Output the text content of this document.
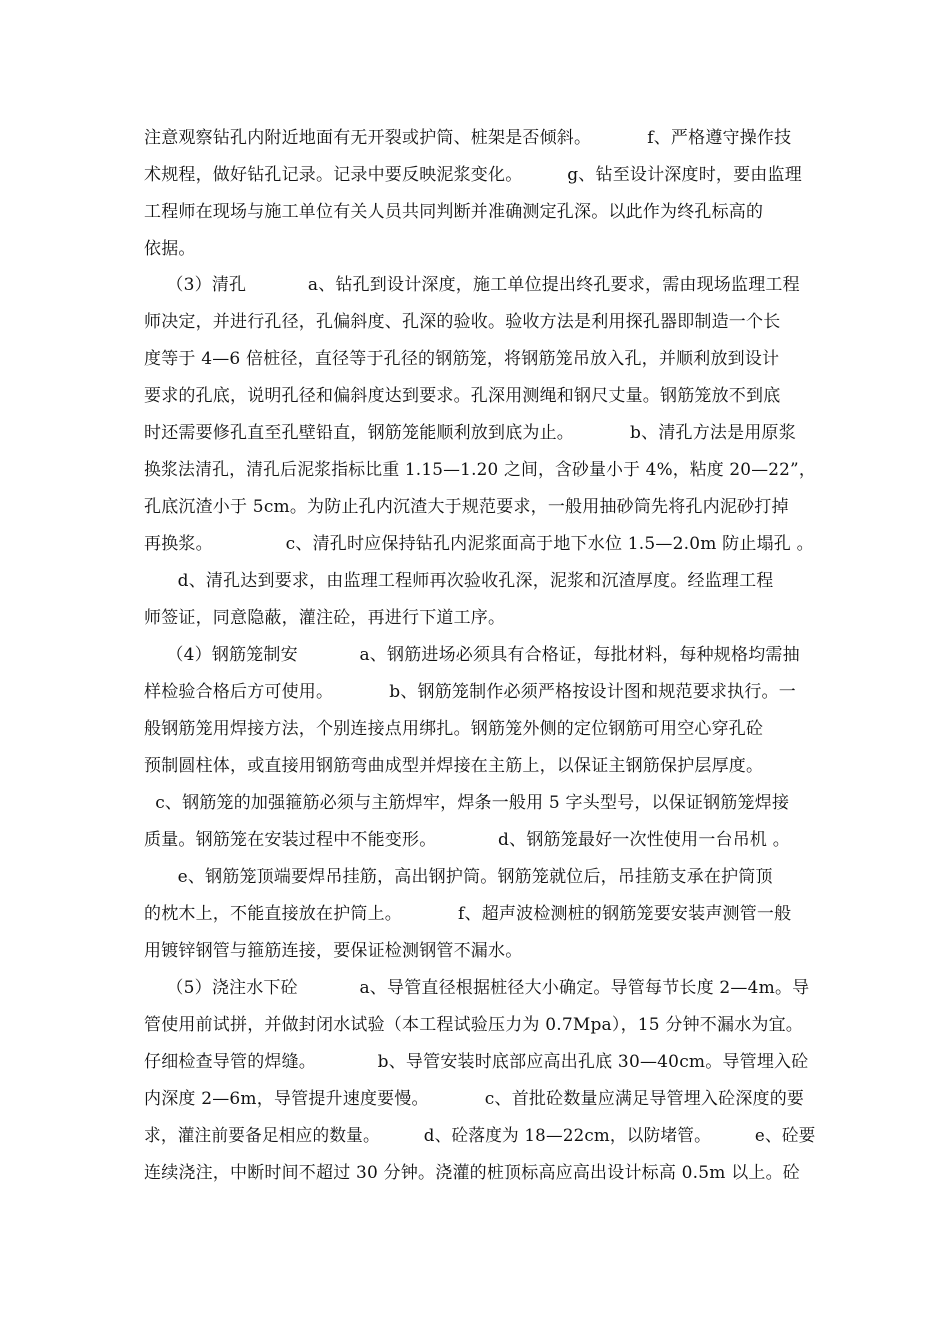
注意观察钻孔内附近地面有无开裂或护筒、桩架是否倾斜。          f、严格遵守操作技
术规程，做好钻孔记录。记录中要反映泥浆变化。        g、钻至设计深度时，要由监理
工程师在现场与施工单位有关人员共同判断并准确测定孔深。以此作为终孔标高的
依据。
（3）清孔           a、钻孔到设计深度，施工单位提出终孔要求，需由现场监理工程
师决定，并进行孔径，孔偏斜度、孔深的验收。验收方法是利用探孔器即制造一个长
度等于 4—6 倍桩径，直径等于孔径的钢筋笼，将钢筋笼吊放入孔，并顺利放到设计
要求的孔底，说明孔径和偏斜度达到要求。孔深用测绳和钢尺丈量。钢筋笼放不到底
时还需要修孔直至孔壁铅直，钢筋笼能顺利放到底为止。          b、清孔方法是用原浆
换浆法清孔，清孔后泥浆指标比重 1.15—1.20 之间，含砂量小于 4%，粘度 20—22”，
孔底沉渣小于 5cm。为防止孔内沉渣大于规范要求，一般用抽砂筒先将孔内泥砂打掉
再换浆。             c、清孔时应保持钻孔内泥浆面高于地下水位 1.5—2.0m 防止塌孔 。
d、清孔达到要求，由监理工程师再次验收孔深，泥浆和沉渣厚度。经监理工程
师签证，同意隐蔽，灌注砼，再进行下道工序。
（4）钢筋笼制安           a、钢筋进场必须具有合格证，每批材料，每种规格均需抽
样检验合格后方可使用。          b、钢筋笼制作必须严格按设计图和规范要求执行。一
般钢筋笼用焊接方法，个别连接点用绑扎。钢筋笼外侧的定位钢筋可用空心穿孔砼
预制圆柱体，或直接用钢筋弯曲成型并焊接在主筋上，以保证主钢筋保护层厚度。
c、钢筋笼的加强箍筋必须与主筋焊牢，焊条一般用 5 字头型号，以保证钢筋笼焊接
质量。钢筋笼在安装过程中不能变形。           d、钢筋笼最好一次性使用一台吊机 。
e、钢筋笼顶端要焊吊挂筋，高出钢护筒。钢筋笼就位后，吊挂筋支承在护筒顶
的枕木上，不能直接放在护筒上。          f、超声波检测桩的钢筋笼要安装声测管一般
用镀锌钢管与箍筋连接，要保证检测钢管不漏水。
（5）浇注水下砼           a、导管直径根据桩径大小确定。导管每节长度 2—4m。导
管使用前试拼，并做封闭水试验（本工程试验压力为 0.7Mpa），15 分钟不漏水为宜。
仔细检查导管的焊缝。           b、导管安装时底部应高出孔底 30—40cm。导管埋入砼
内深度 2—6m，导管提升速度要慢。          c、首批砼数量应满足导管埋入砼深度的要
求，灌注前要备足相应的数量。        d、砼落度为 18—22cm，以防堵管。        e、砼要
连续浇注，中断时间不超过 30 分钟。浇灌的桩顶标高应高出设计标高 0.5m 以上。砼
